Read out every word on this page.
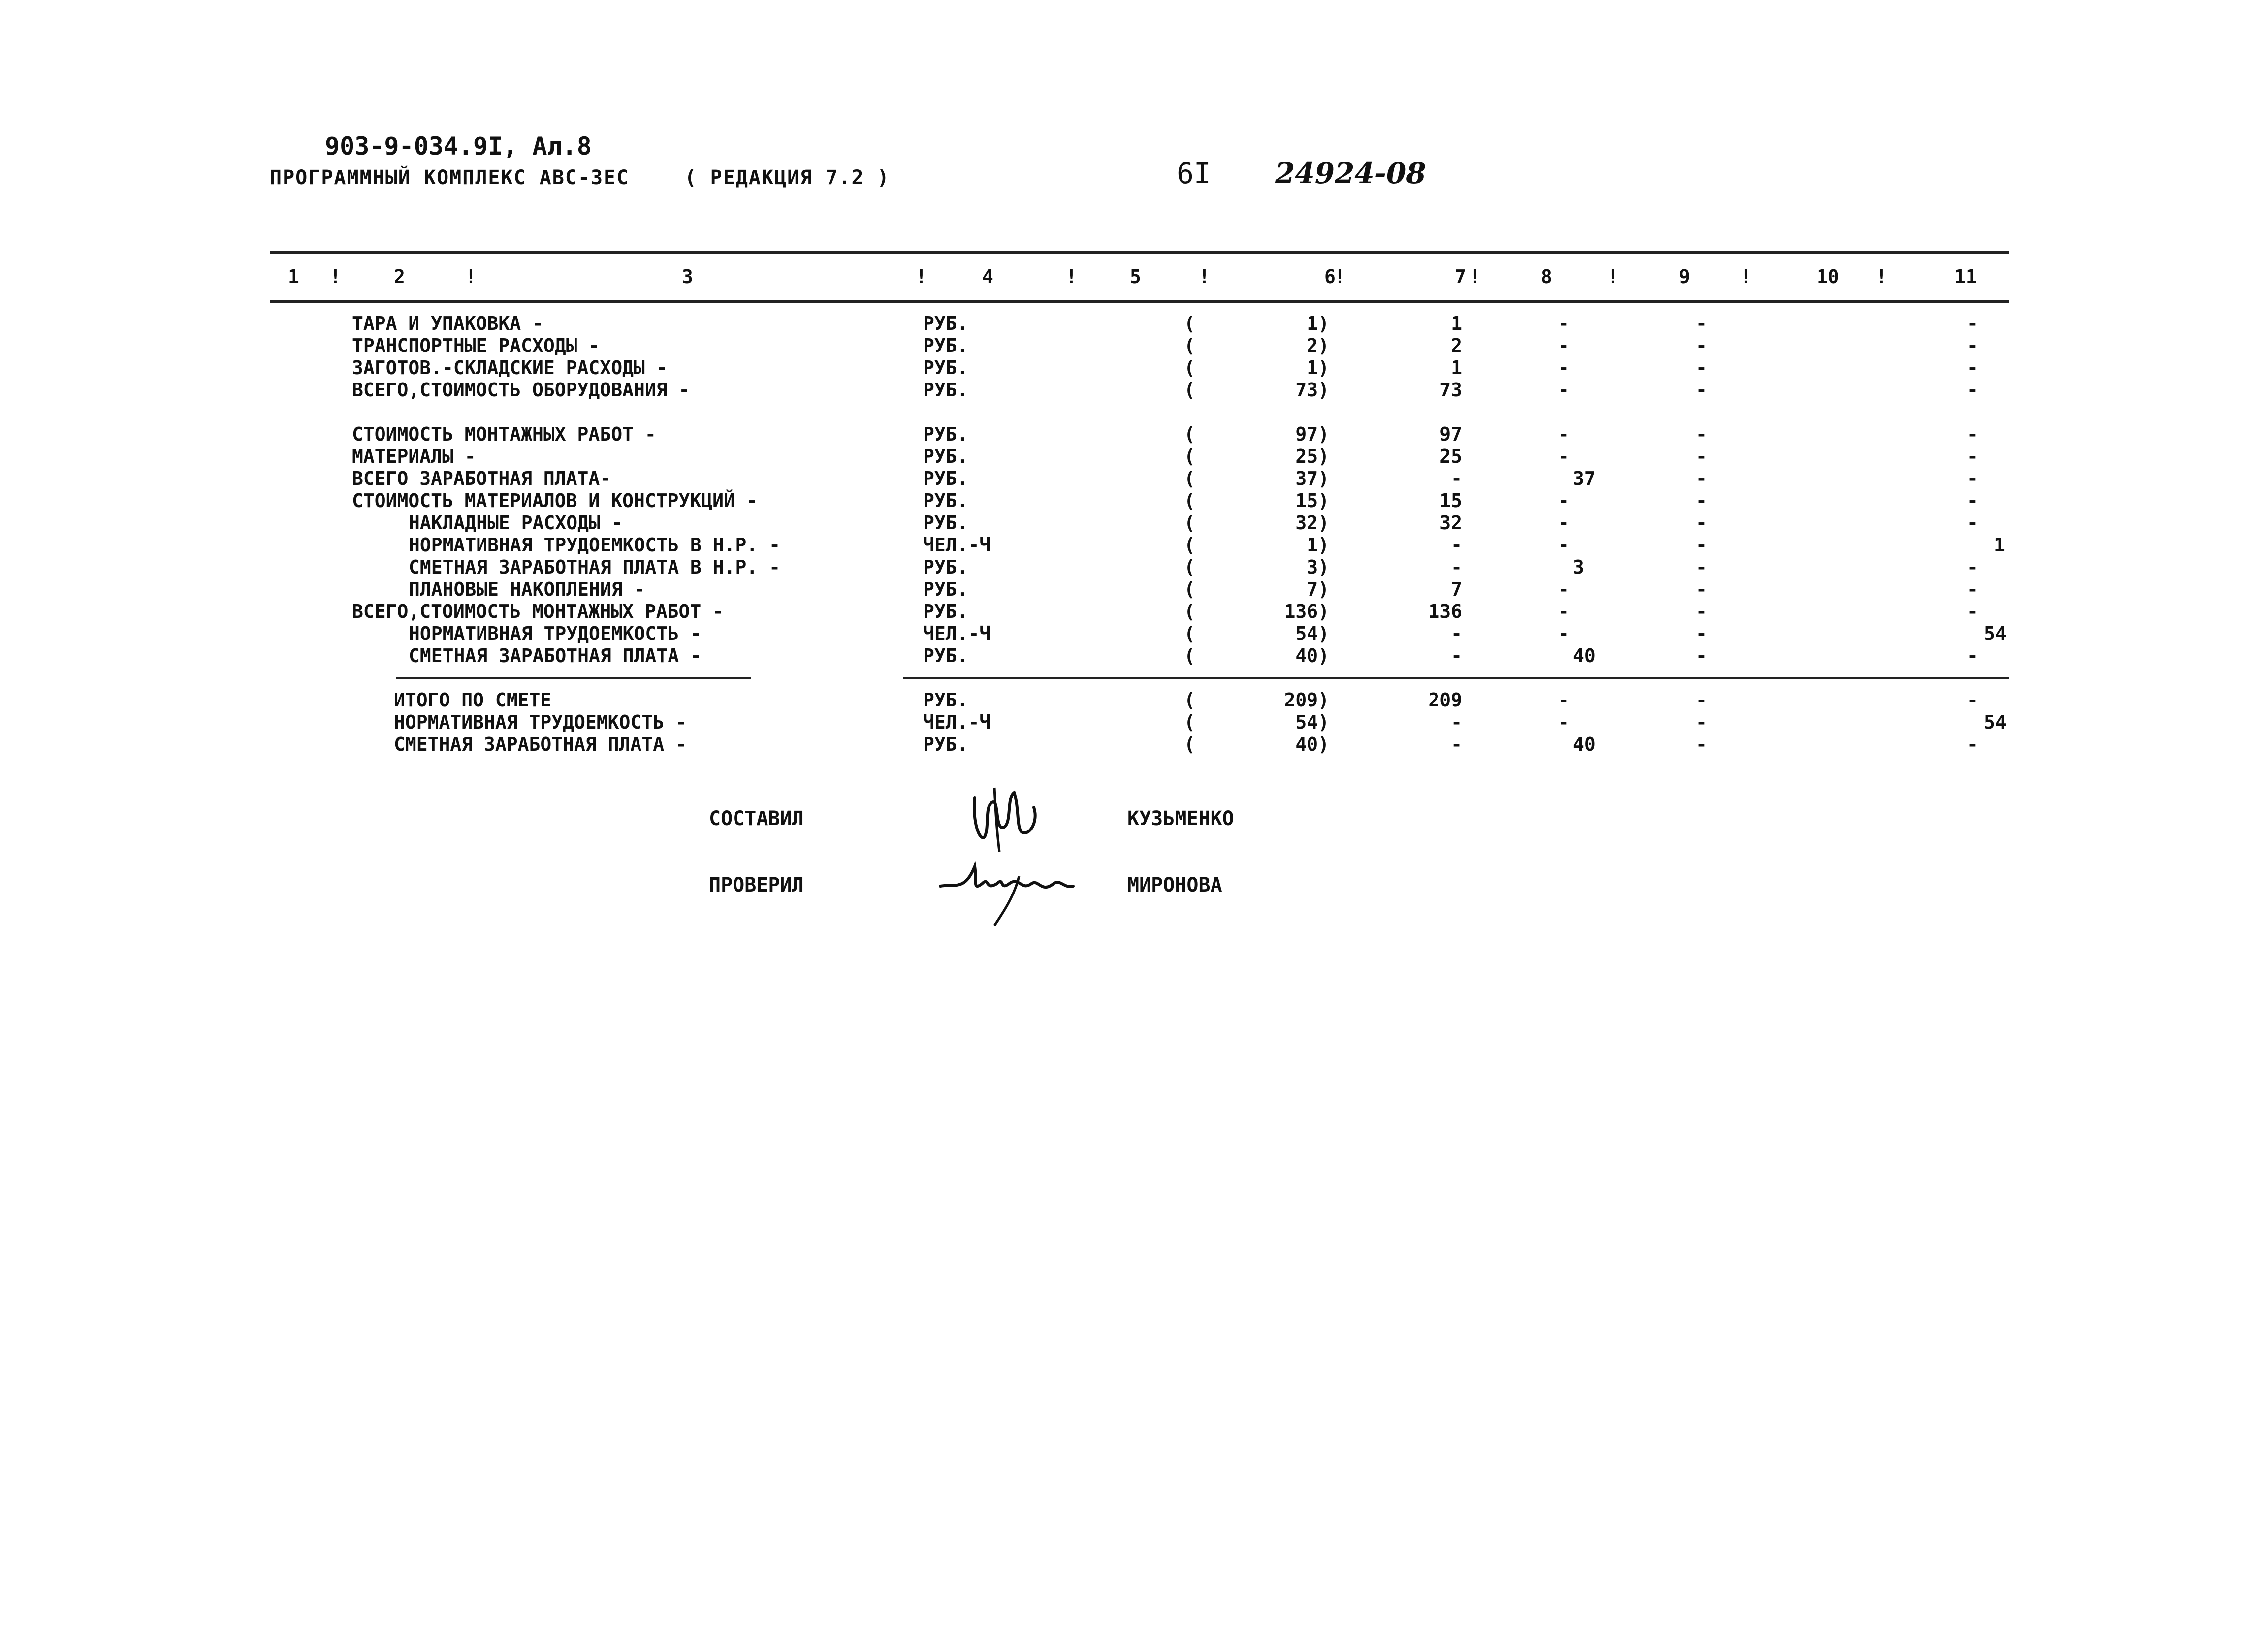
903-9-034.9I, Ал.8
ПРОГРАММНЫЙ КОМПЛЕКС АВС-ЗЕС	( РЕДАКЦИЯ 7.2 )	6I 24924-08
1	2	3	4	5	6	7	8	9	10	11
!	!	!	!	!	!	!	!	!	!
ТАРА И УПАКОВКА -	РУБ.	(	1)	1	-	-	-
ТРАНСПОРТНЫЕ РАСХОДЫ -	РУБ.	(	2)	2	-	-	-
ЗАГОТОВ.-СКЛАДСКИЕ РАСХОДЫ -	РУБ.	(	1)	1	-	-	-
ВСЕГО,СТОИМОСТЬ ОБОРУДОВАНИЯ -	РУБ.	(	73)	73	-	-	-
СТОИМОСТЬ МОНТАЖНЫХ РАБОТ -	РУБ.	(	97)	97	-	-	-
МАТЕРИАЛЫ -	РУБ.	(	25)	25	-	-	-
ВСЕГО ЗАРАБОТНАЯ ПЛАТА-	РУБ.	(	37)	-	37	-	-
СТОИМОСТЬ МАТЕРИАЛОВ И КОНСТРУКЦИЙ -	РУБ.	(	15)	15	-	-	-
НАКЛАДНЫЕ РАСХОДЫ -	РУБ.	(	32)	32	-	-	-
НОРМАТИВНАЯ ТРУДОЕМКОСТЬ В Н.Р. -	ЧЕЛ.-Ч	(	1)	-	-	-	1
СМЕТНАЯ ЗАРАБОТНАЯ ПЛАТА В Н.Р. -	РУБ.	(	3)	-	3	-	-
ПЛАНОВЫЕ НАКОПЛЕНИЯ -	РУБ.	(	7)	7	-	-	-
ВСЕГО,СТОИМОСТЬ МОНТАЖНЫХ РАБОТ -	РУБ.	(	136)	136	-	-	-
НОРМАТИВНАЯ ТРУДОЕМКОСТЬ -	ЧЕЛ.-Ч	(	54)	-	-	-	54
СМЕТНАЯ ЗАРАБОТНАЯ ПЛАТА -	РУБ.	(	40)	-	40	-	-
ИТОГО ПО СМЕТЕ	РУБ.	(	209)	209	-	-	-
НОРМАТИВНАЯ ТРУДОЕМКОСТЬ -	ЧЕЛ.-Ч	(	54)	-	-	-	54
СМЕТНАЯ ЗАРАБОТНАЯ ПЛАТА -	РУБ.	(	40)	-	40	-	-
СОСТАВИЛ	КУЗЬМЕНКО
ПРОВЕРИЛ	МИРОНОВА
